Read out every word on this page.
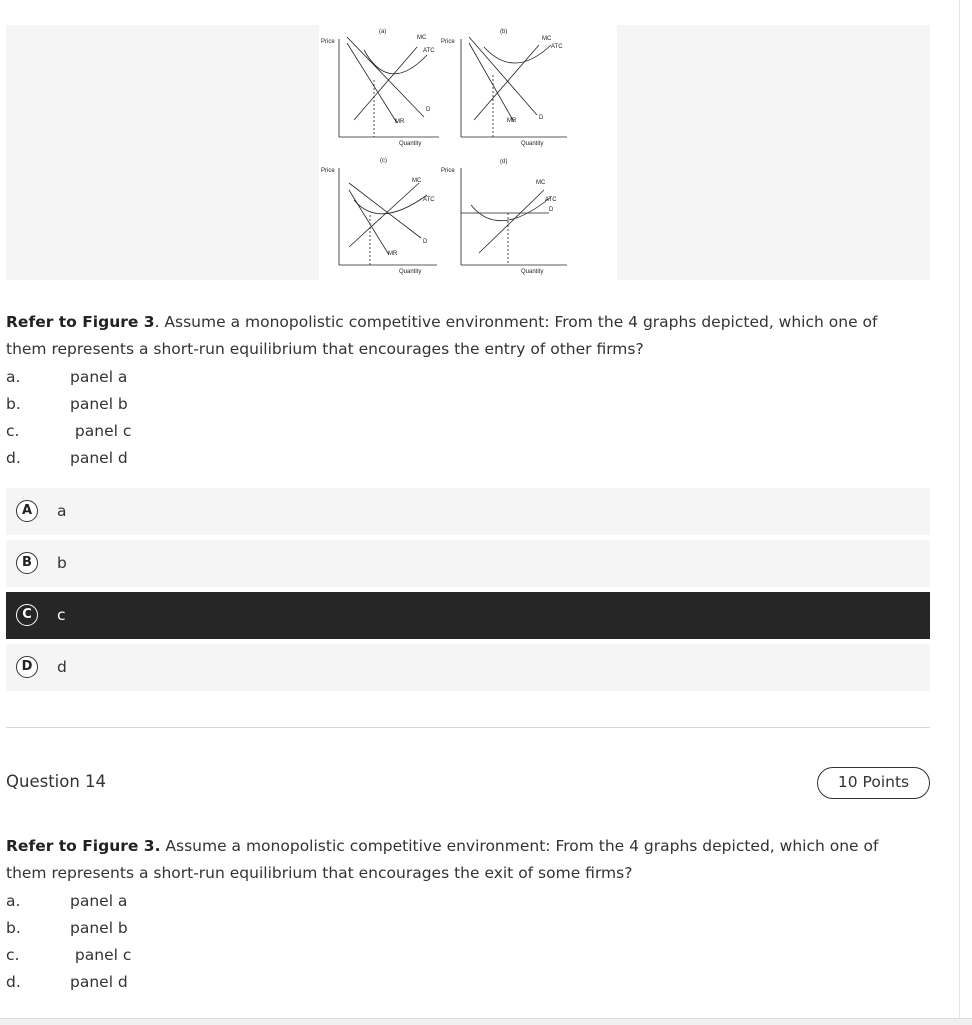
Price
(a)
MC
ATC
MR
D
Quantity
Price
(b)
MC
ATC
MR	D
Quantity
Price
(c)
MC
ATC
MR
D
Quantity
Price
(d)
MC
ATC
D
Quantity
Refer to Figure 3. Assume a monopolistic competitive environment: From the 4 graphs depicted, which one of them represents a short-run equilibrium that encourages the entry of other firms?
a.	panel a
b.	panel b
c.	panel c
d.	panel d
A	a
B	b
C	c
D	d
Question 14	10 Points
Refer to Figure 3. Assume a monopolistic competitive environment: From the 4 graphs depicted, which one of them represents a short-run equilibrium that encourages the exit of some firms?
a.	panel a
b.	panel b
c.	panel c
d.	panel d
